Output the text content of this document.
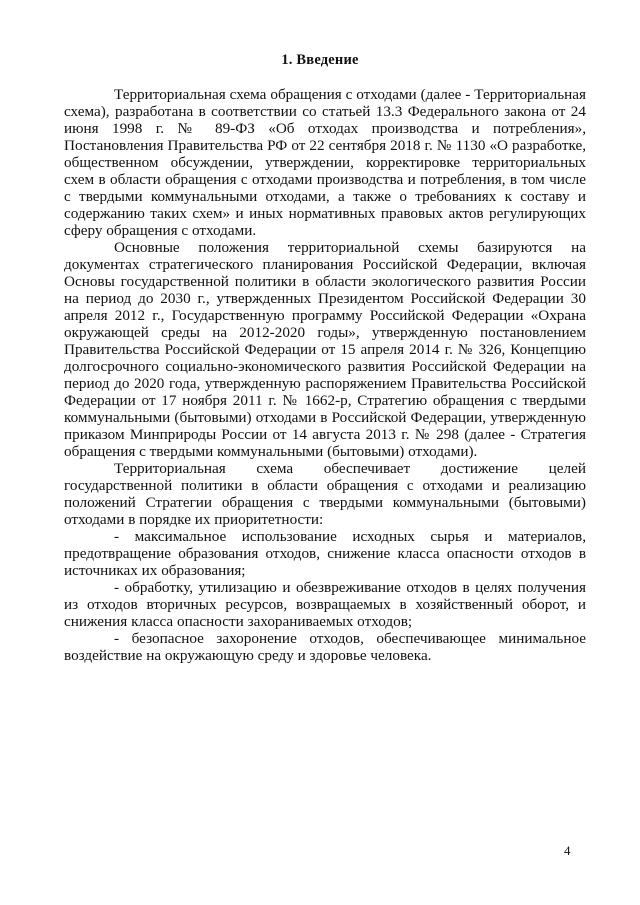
1. Введение

Территориальная схема обращения с отходами (далее - Территориальная схема), разработана в соответствии со статьей 13.3 Федерального закона от 24 июня 1998 г. № 89-ФЗ «Об отходах производства и потребления», Постановления Правительства РФ от 22 сентября 2018 г. № 1130 «О разработке, общественном обсуждении, утверждении, корректировке территориальных схем в области обращения с отходами производства и потребления, в том числе с твердыми коммунальными отходами, а также о требованиях к составу и содержанию таких схем» и иных нормативных правовых актов регулирующих сферу обращения с отходами.

Основные положения территориальной схемы базируются на документах стратегического планирования Российской Федерации, включая Основы государственной политики в области экологического развития России на период до 2030 г., утвержденных Президентом Российской Федерации 30 апреля 2012 г., Государственную программу Российской Федерации «Охрана окружающей среды на 2012-2020 годы», утвержденную постановлением Правительства Российской Федерации от 15 апреля 2014 г. № 326, Концепцию долгосрочного социально-экономического развития Российской Федерации на период до 2020 года, утвержденную распоряжением Правительства Российской Федерации от 17 ноября 2011 г. № 1662-р, Стратегию обращения с твердыми коммунальными (бытовыми) отходами в Российской Федерации, утвержденную приказом Минприроды России от 14 августа 2013 г. № 298 (далее - Стратегия обращения с твердыми коммунальными (бытовыми) отходами).

Территориальная схема обеспечивает достижение целей государственной политики в области обращения с отходами и реализацию положений Стратегии обращения с твердыми коммунальными (бытовыми) отходами в порядке их приоритетности:

- максимальное использование исходных сырья и материалов, предотвращение образования отходов, снижение класса опасности отходов в источниках их образования;

- обработку, утилизацию и обезвреживание отходов в целях получения из отходов вторичных ресурсов, возвращаемых в хозяйственный оборот, и снижения класса опасности захораниваемых отходов;

- безопасное захоронение отходов, обеспечивающее минимальное воздействие на окружающую среду и здоровье человека.

4
